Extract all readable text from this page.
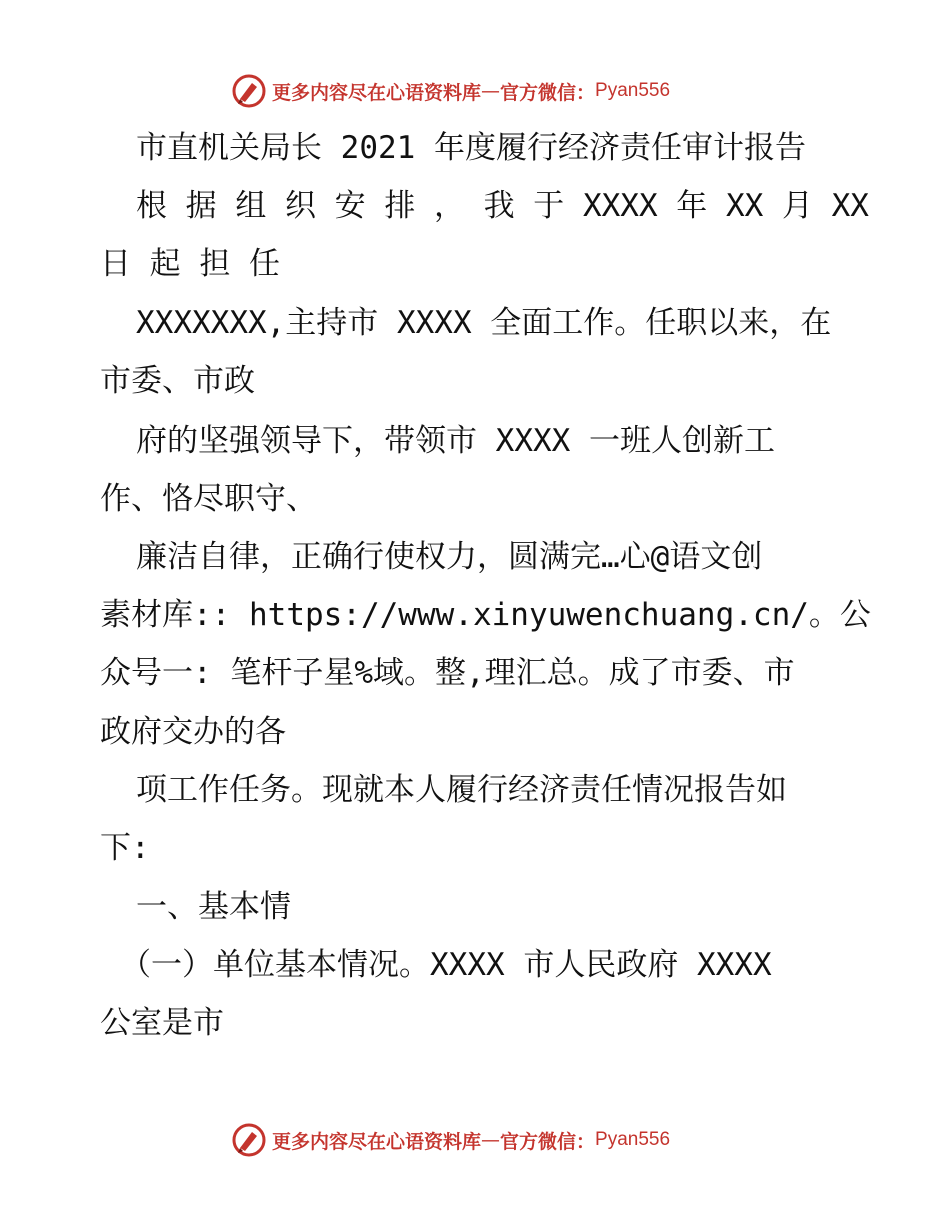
更多内容尽在心语资料库 — 官方微信： Pyan556
市直机关局长 2021 年度履行经济责任审计报告
根 据 组 织 安 排 ， 我 于 XXXX 年 XX 月 XX
日 起 担 任
XXXXXXX,主持市 XXXX 全面工作。任职以来，在
市委、市政
府的坚强领导下，带领市 XXXX 一班人创新工
作、恪尽职守、
廉洁自律，正确行使权力，圆满完…心@语文创
素材库:: https://www.xinyuwenchuang.cn/。公
众号一: 笔杆子星%域。整,理汇总。成了市委、市
政府交办的各
项工作任务。现就本人履行经济责任情况报告如
下:
一、基本情
（一）单位基本情况。XXXX 市人民政府 XXXX
公室是市
更多内容尽在心语资料库 — 官方微信： Pyan556
